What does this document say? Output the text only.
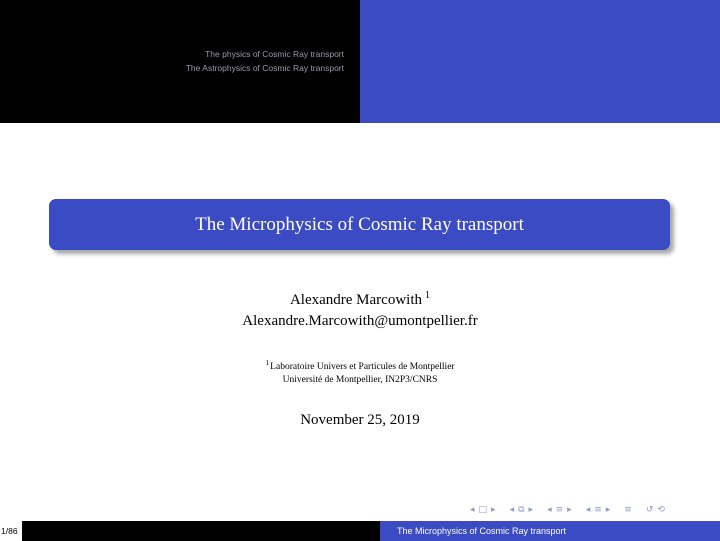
The physics of Cosmic Ray transport
The Astrophysics of Cosmic Ray transport
The Microphysics of Cosmic Ray transport
Alexandre Marcowith $^1$
Alexandre.Marcowith@umontpellier.fr
$^1$Laboratoire Univers et Particules de Montpellier
Université de Montpellier, IN2P3/CNRS
November 25, 2019
◂ □ ▸ ◂ ⧉ ▸ ◂ ≡ ▸ ◂ ≡ ▸ ≡ ↺ ⟲
1/86	The Microphysics of Cosmic Ray transport
